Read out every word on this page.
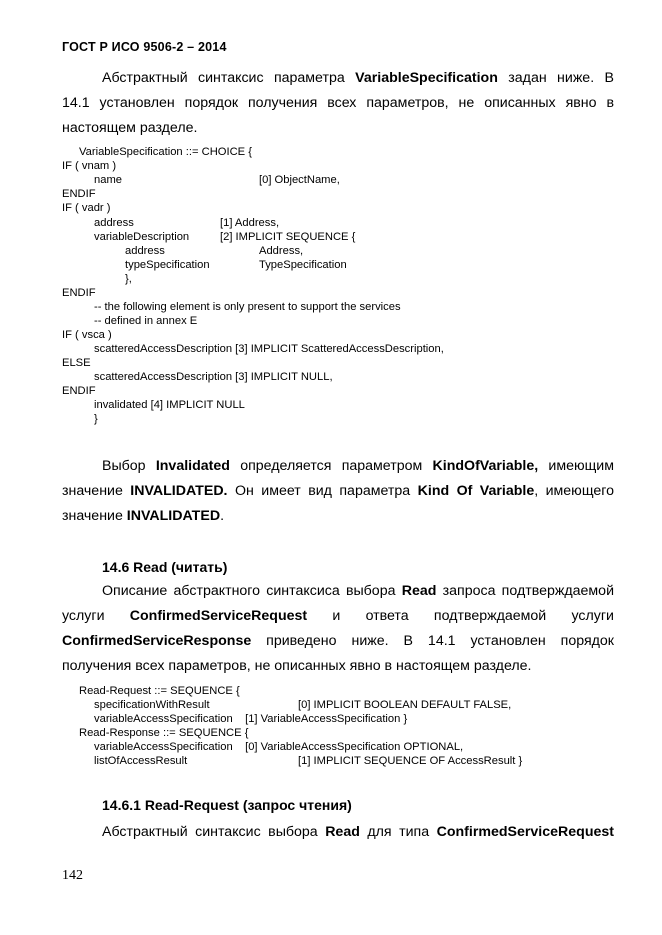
ГОСТ Р ИСО 9506-2 – 2014
Абстрактный синтаксис параметра VariableSpecification задан ниже. В
14.1 установлен порядок получения всех параметров, не описанных явно в
настоящем разделе.
VariableSpecification ::= CHOICE {
IF ( vnam )
name	[0] ObjectName,
ENDIF
IF ( vadr )
address	[1] Address,
variableDescription	[2] IMPLICIT SEQUENCE {
address	Address,
typeSpecification	TypeSpecification
},
ENDIF
-- the following element is only present to support the services
-- defined in annex E
IF ( vsca )
scatteredAccessDescription [3] IMPLICIT ScatteredAccessDescription,
ELSE
scatteredAccessDescription [3] IMPLICIT NULL,
ENDIF
invalidated [4] IMPLICIT NULL
}
Выбор Invalidated определяется параметром KindOfVariable, имеющим
значение INVALIDATED. Он имеет вид параметра Kind Of Variable, имеющего
значение INVALIDATED.
14.6 Read (читать)
Описание абстрактного синтаксиса выбора Read запроса подтверждаемой
услуги ConfirmedServiceRequest и ответа подтверждаемой услуги
ConfirmedServiceResponse приведено ниже. В 14.1 установлен порядок
получения всех параметров, не описанных явно в настоящем разделе.
Read-Request ::= SEQUENCE {
specificationWithResult	[0] IMPLICIT BOOLEAN DEFAULT FALSE,
variableAccessSpecification    [1] VariableAccessSpecification }
Read-Response ::= SEQUENCE {
variableAccessSpecification    [0] VariableAccessSpecification OPTIONAL,
listOfAccessResult	[1] IMPLICIT SEQUENCE OF AccessResult }
14.6.1 Read-Request (запрос чтения)
Абстрактный синтаксис выбора Read для типа ConfirmedServiceRequest
142
